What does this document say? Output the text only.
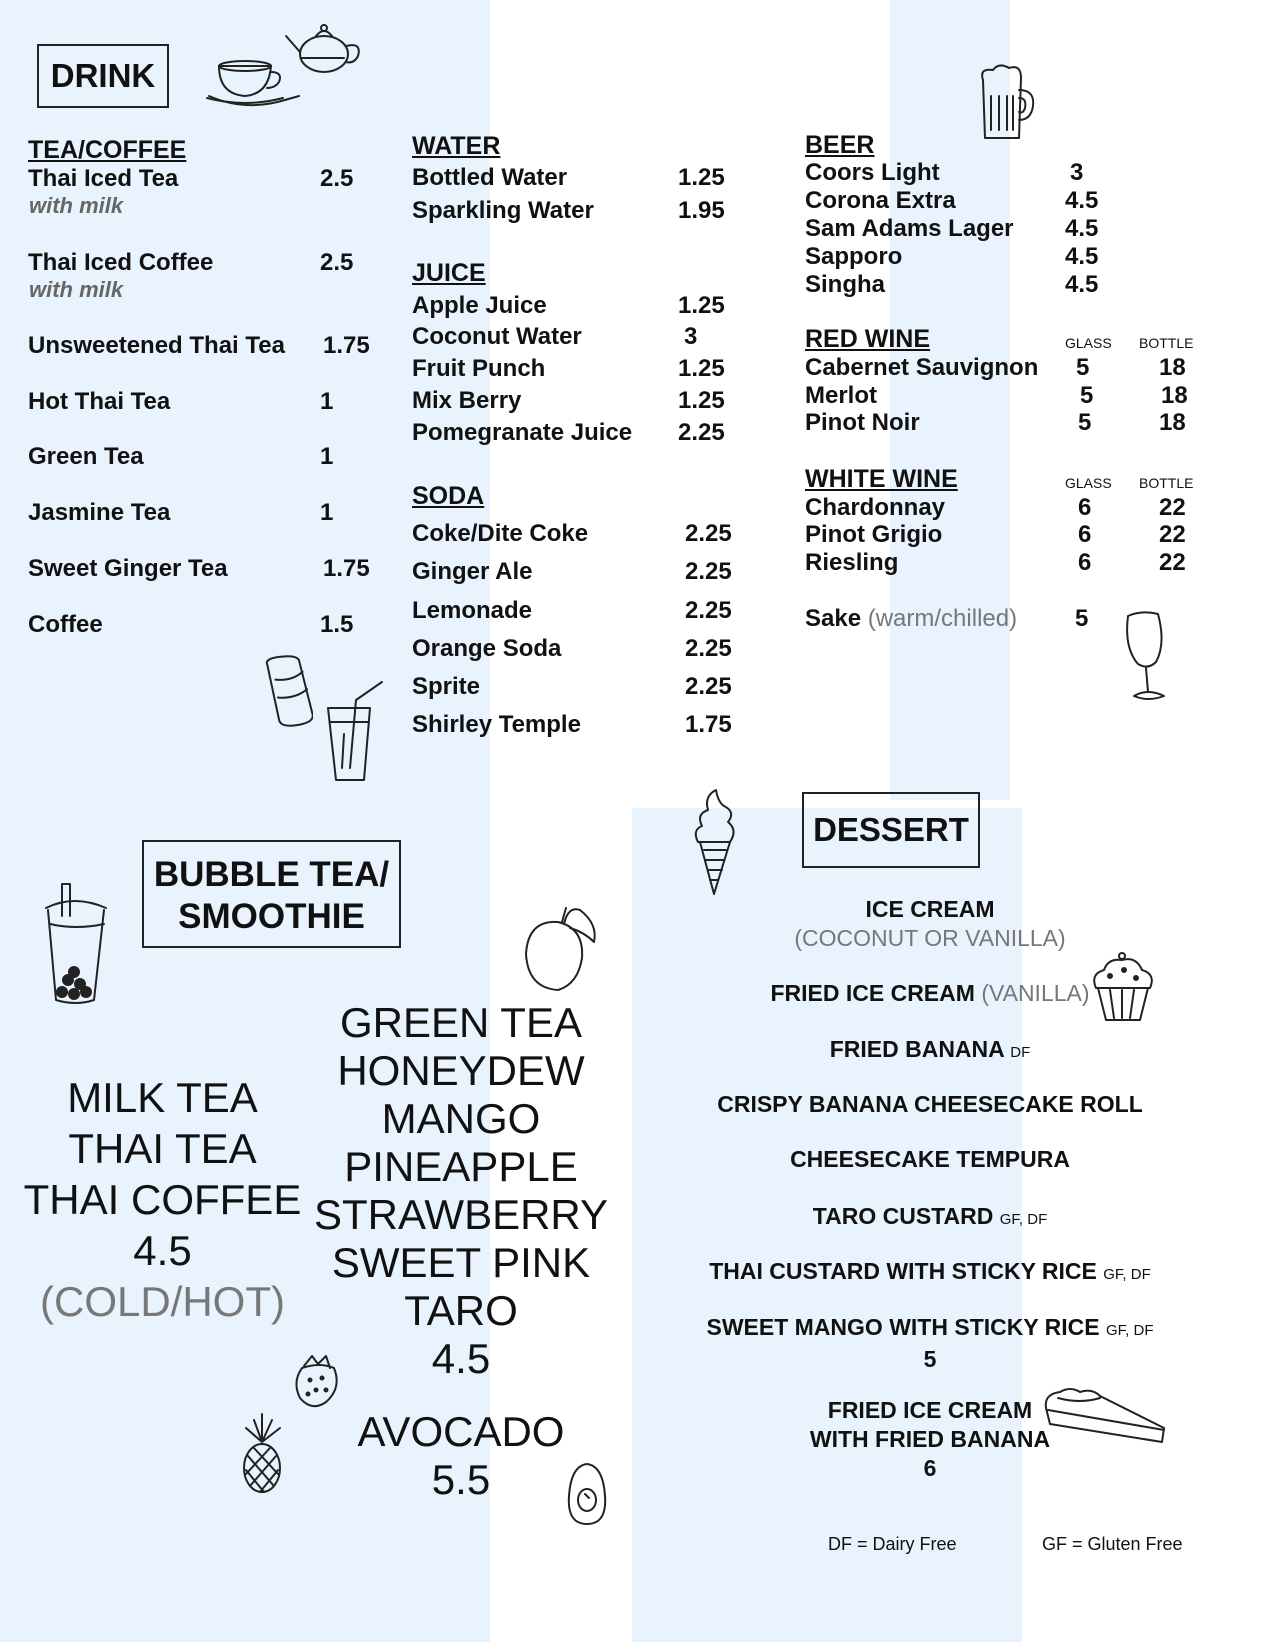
DRINK
TEA/COFFEE
Thai Iced Tea	2.5
with milk
Thai Iced Coffee	2.5
with milk
Unsweetened Thai Tea 1.75
Hot Thai Tea	1
Green Tea	1
Jasmine Tea	1
Sweet Ginger Tea	1.75
Coffee	1.5
WATER
Bottled Water	1.25
Sparkling Water	1.95
JUICE
Apple Juice	1.25
Coconut Water	3
Fruit Punch	1.25
Mix Berry	1.25
Pomegranate Juice 2.25
SODA
Coke/Dite Coke	2.25
Ginger Ale	2.25
Lemonade	2.25
Orange Soda	2.25
Sprite	2.25
Shirley Temple	1.75
BEER
Coors Light	3
Corona Extra	4.5
Sam Adams Lager 4.5
Sapporo	4.5
Singha	4.5
RED WINE	GLASS BOTTLE
Cabernet Sauvignon 5	18
Merlot	5	18
Pinot Noir	5	18
WHITE WINE	GLASS BOTTLE
Chardonnay	6	22
Pinot Grigio	6	22
Riesling	6	22
Sake (warm/chilled) 5
BUBBLE TEA/
SMOOTHIE
MILK TEA
THAI TEA
THAI COFFEE
4.5
(COLD/HOT)
GREEN TEA
HONEYDEW
MANGO
PINEAPPLE
STRAWBERRY
SWEET PINK
TARO
4.5
AVOCADO
5.5
DESSERT
ICE CREAM
(COCONUT OR VANILLA)
FRIED ICE CREAM (VANILLA)
FRIED BANANA DF
CRISPY BANANA CHEESECAKE ROLL
CHEESECAKE TEMPURA
TARO CUSTARD GF, DF
THAI CUSTARD WITH STICKY RICE GF, DF
SWEET MANGO WITH STICKY RICE GF, DF
5
FRIED ICE CREAM
WITH FRIED BANANA
6
DF = Dairy Free	GF = Gluten Free
